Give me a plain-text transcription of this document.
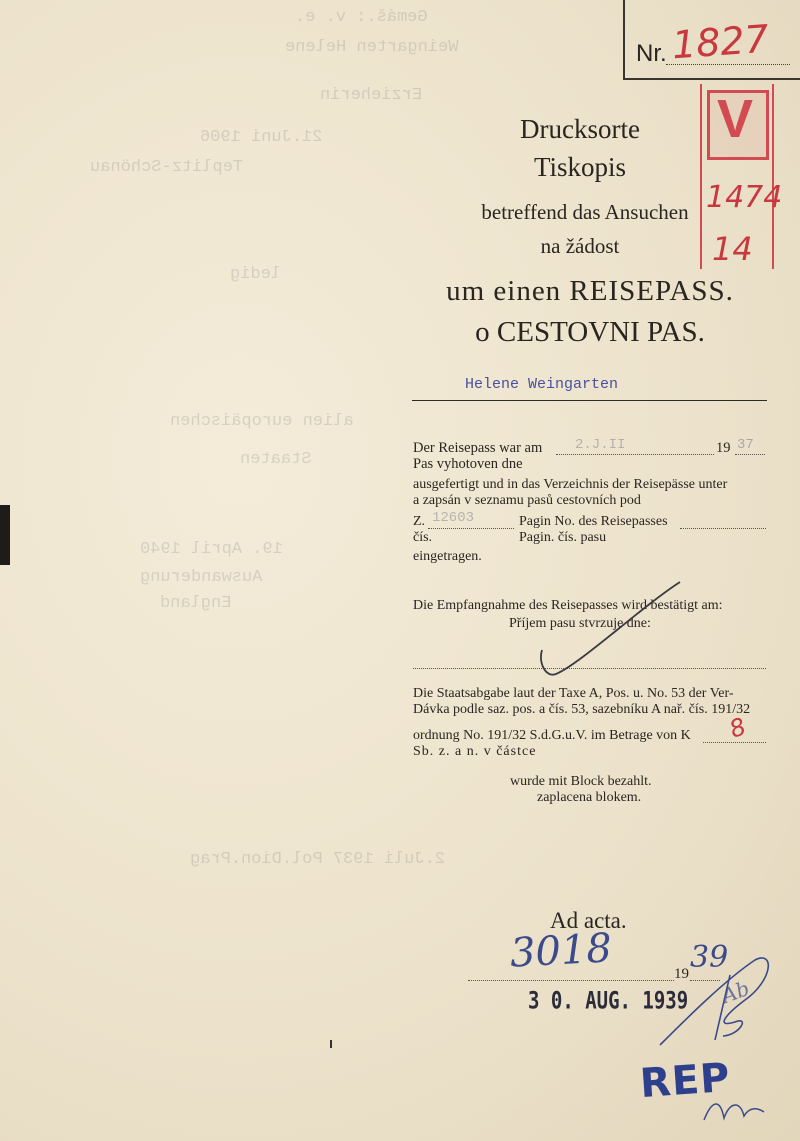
Gemáš.: v. e.
Weingarten Helene
Erzieherin
21.Juni 1906
Teplitz-Schönau
ledig
alien europäischen
Staaten
19. April 1940
Auswanderung
England
2.Juli 1937 Pol.Dion.Prag
Nr. 1827
V
1474
14
Drucksorte
Tiskopis
betreffend das Ansuchen
na žádost
um einen REISEPASS.
o CESTOVNI PAS.
Helene Weingarten
Der Reisepass war am
Pas vyhotoven dne
2.J.II	19 37
ausgefertigt und in das Verzeichnis der Reisepässe unter
a zapsán v seznamu pasů cestovních pod
Z. 12603	Pagin No. des Reisepasses
čís.	Pagin. čís. pasu
eingetragen.
Die Empfangnahme des Reisepasses wird bestätigt am:
Příjem pasu stvrzuje dne:
Die Staatsabgabe laut der Taxe A, Pos. u. No. 53 der Ver-
Dávka podle saz. pos. a čís. 53, sazebníku A nař. čís. 191/32
ordnung No. 191/32 S.d.G.u.V. im Betrage von K 8
Sb. z. a n. v částce
wurde mit Block bezahlt.
zaplacena blokem.
Ad acta.
3018	19 39
3 0. AUG. 1939 Ab
REP
